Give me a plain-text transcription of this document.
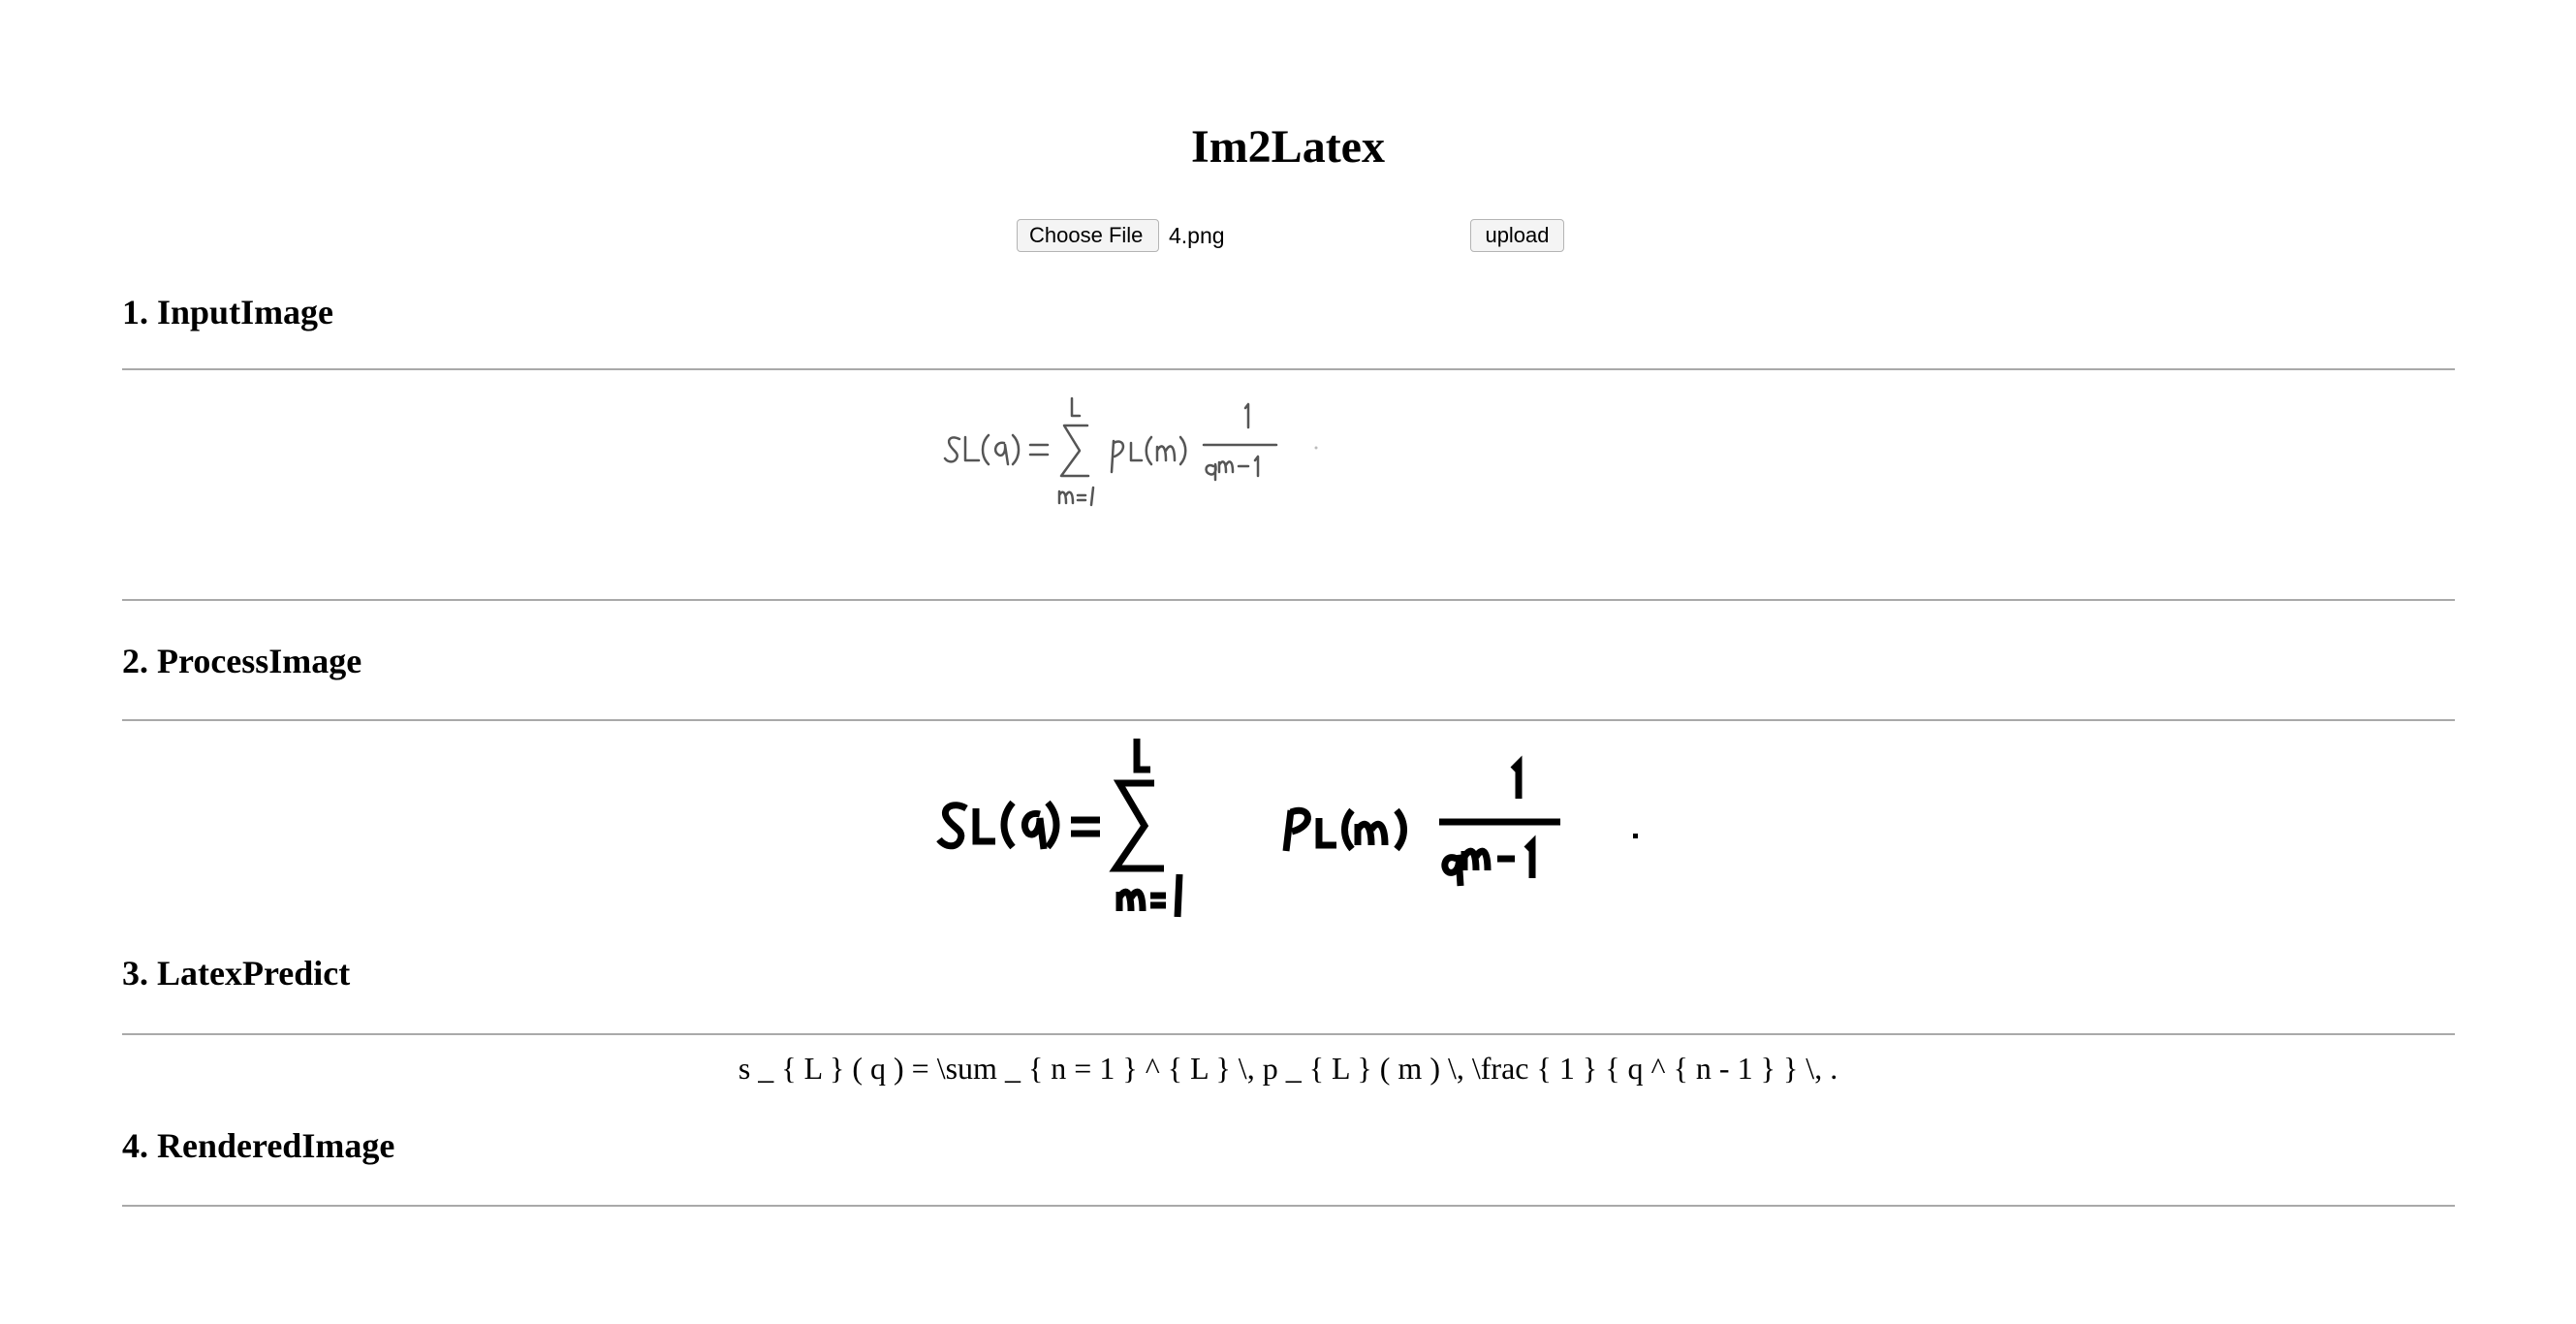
Im2Latex
Choose File	4.png	upload
1. InputImage
2. ProcessImage
3. LatexPredict
s _ { L } ( q ) = \sum _ { n = 1 } ^ { L } \, p _ { L } ( m ) \, \frac { 1 } { q ^ { n - 1 } } \, .
4. RenderedImage
